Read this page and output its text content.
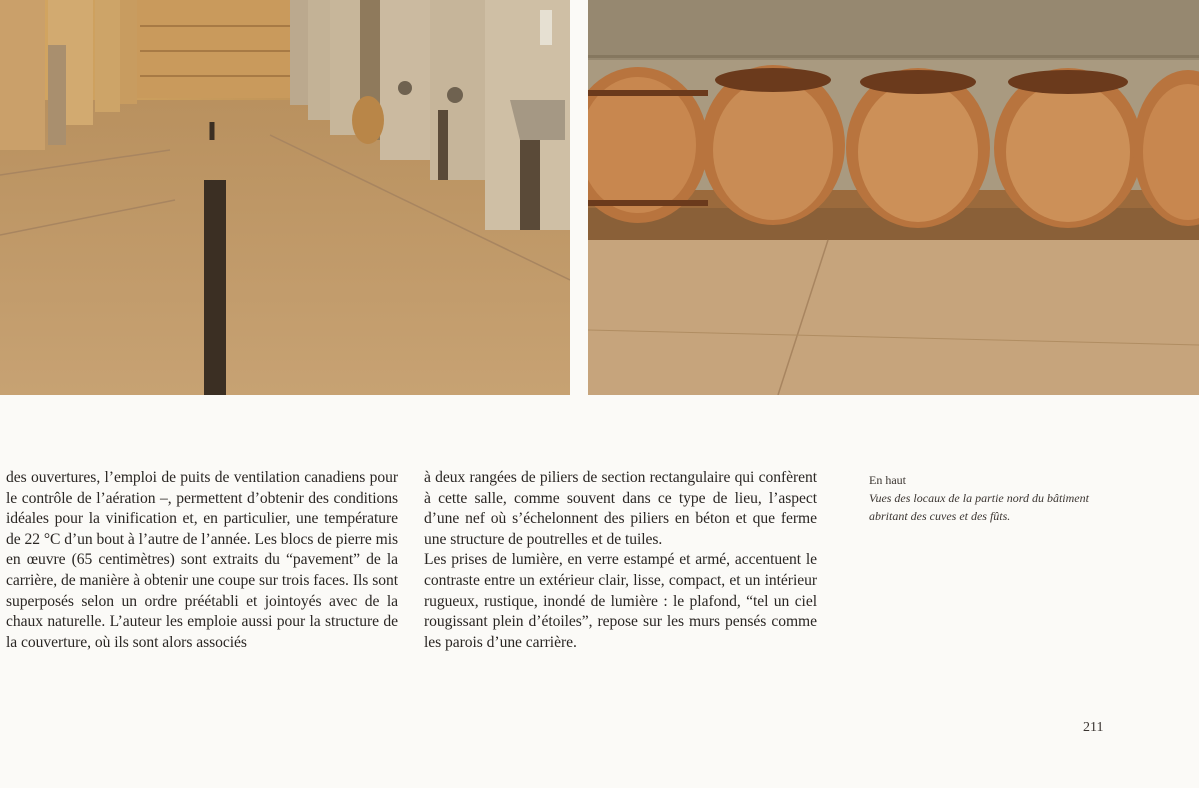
des ouvertures, l’emploi de puits de ventilation canadiens pour le contrôle de l’aération –, permettent d’obtenir des conditions idéales pour la vinification et, en particulier, une température de 22 °C d’un bout à l’autre de l’année. Les blocs de pierre mis en œuvre (65 centimètres) sont extraits du “pavement” de la carrière, de manière à obtenir une coupe sur trois faces. Ils sont superposés selon un ordre préétabli et jointoyés avec de la chaux naturelle. L’auteur les emploie aussi pour la structure de la couverture, où ils sont alors associés

à deux rangées de piliers de section rectangulaire qui confèrent à cette salle, comme souvent dans ce type de lieu, l’aspect d’une nef où s’échelonnent des piliers en béton et que ferme une structure de poutrelles et de tuiles.

Les prises de lumière, en verre estampé et armé, accentuent le contraste entre un extérieur clair, lisse, compact, et un intérieur rugueux, rustique, inondé de lumière : le plafond, “tel un ciel rougissant plein d’étoiles”, repose sur les murs pensés comme les parois d’une carrière.

En haut
Vues des locaux de la partie nord du bâtiment abritant des cuves et des fûts.
211
